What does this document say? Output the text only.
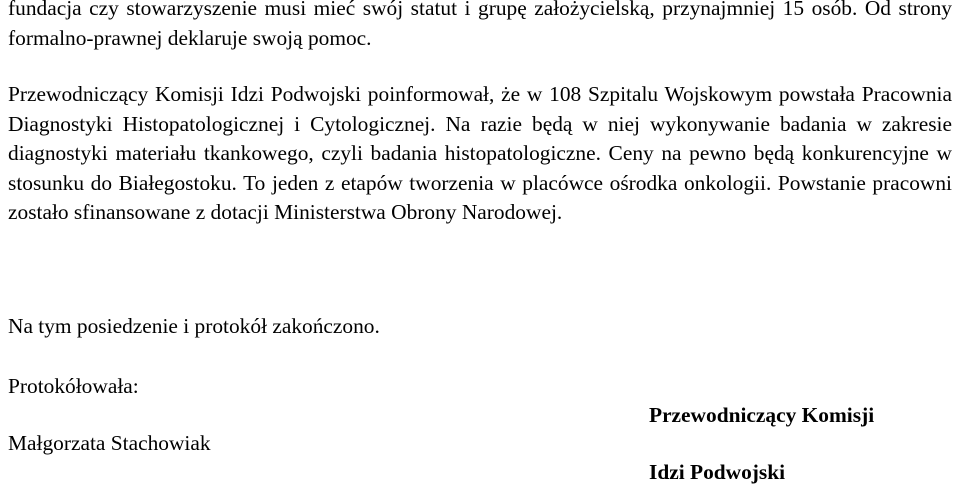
fundacja czy stowarzyszenie musi mieć swój statut i grupę założycielską, przynajmniej 15 osób. Od strony formalno-prawnej deklaruje swoją pomoc.

Przewodniczący Komisji Idzi Podwojski poinformował, że w 108 Szpitalu Wojskowym powstała Pracownia Diagnostyki Histopatologicznej i Cytologicznej. Na razie będą w niej wykonywanie badania w zakresie diagnostyki materiału tkankowego, czyli badania histopatologiczne. Ceny na pewno będą konkurencyjne w stosunku do Białegostoku. To jeden z etapów tworzenia w placówce ośrodka onkologii. Powstanie pracowni zostało sfinansowane z dotacji Ministerstwa Obrony Narodowej.

Na tym posiedzenie i protokół zakończono.

Protokółowała:

Małgorzata Stachowiak

Przewodniczący Komisji

Idzi Podwojski
